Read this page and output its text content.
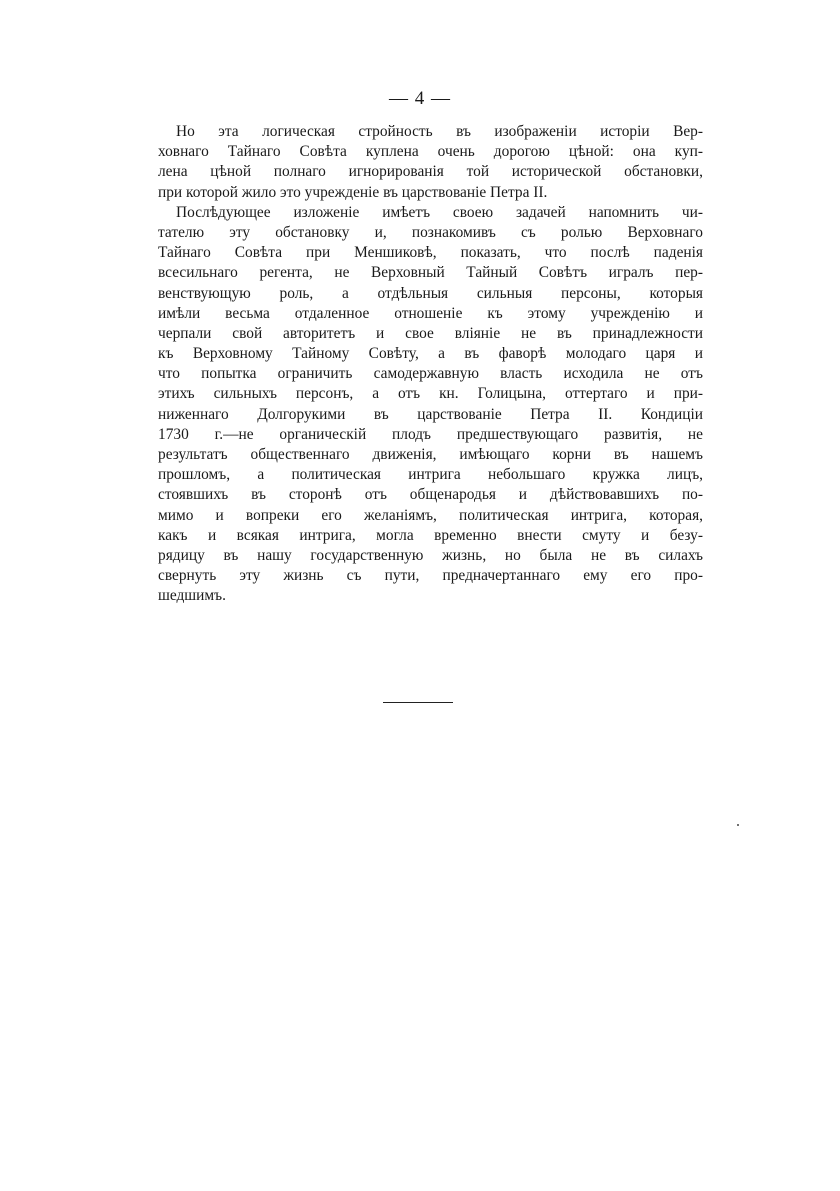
— 4 —
Но эта логическая стройность въ изображеніи исторіи Вер-
ховнаго Тайнаго Совѣта куплена очень дорогою цѣной: она куп-
лена цѣной полнаго игнорированія той исторической обстановки,
при которой жило это учрежденіе въ царствованіе Петра II.
Послѣдующее изложеніе имѣетъ своею задачей напомнить чи-
тателю эту обстановку и, познакомивъ съ ролью Верховнаго
Тайнаго Совѣта при Меншиковѣ, показать, что послѣ паденія
всесильнаго регента, не Верховный Тайный Совѣтъ игралъ пер-
венствующую роль, а отдѣльныя сильныя персоны, которыя
имѣли весьма отдаленное отношеніе къ этому учрежденію и
черпали свой авторитетъ и свое вліяніе не въ принадлежности
къ Верховному Тайному Совѣту, а въ фаворѣ молодаго царя и
что попытка ограничить самодержавную власть исходила не отъ
этихъ сильныхъ персонъ, а отъ кн. Голицына, оттертаго и при-
ниженнаго Долгорукими въ царствованіе Петра II. Кондиціи
1730 г.—не органическій плодъ предшествующаго развитія, не
результатъ общественнаго движенія, имѣющаго корни въ нашемъ
прошломъ, а политическая интрига небольшаго кружка лицъ,
стоявшихъ въ сторонѣ отъ общенародья и дѣйствовавшихъ по-
мимо и вопреки его желаніямъ, политическая интрига, которая,
какъ и всякая интрига, могла временно внести смуту и безу-
рядицу въ нашу государственную жизнь, но была не въ силахъ
свернуть эту жизнь съ пути, предначертаннаго ему его про-
шедшимъ.
